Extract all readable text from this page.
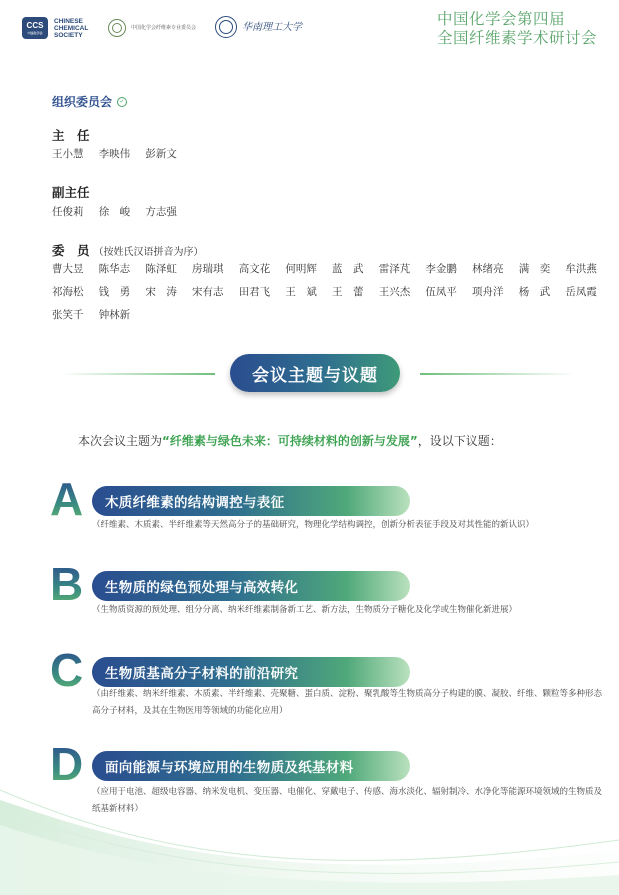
CCS
中国化学会
CHINESE
CHEMICAL
SOCIETY
中国化学会纤维素专业委员会	华南理工大学	中国化学会第四届
全国纤维素学术研讨会
组织委员会	✓
主　任
王小慧	李映伟	彭新文
副主任
任俊莉	徐　峻	方志强
委　员 （按姓氏汉语拼音为序）
曹大昱	陈华志	陈泽虹	房瑞琪	高文花	何明辉	蓝　武	雷泽芃	李金鹏	林绪亮	满　奕	牟洪燕
祁海松	钱　勇	宋　涛	宋有志	田君飞	王　斌	王　蕾	王兴杰	伍凤平	项舟洋	杨　武	岳凤霞
张笑千	钟林新
会议主题与议题
本次会议主题为“纤维素与绿色未来：可持续材料的创新与发展”，设以下议题：
A	木质纤维素的结构调控与表征
（纤维素、木质素、半纤维素等天然高分子的基础研究，物理化学结构调控，创新分析表征手段及对其性能的新认识）
B	生物质的绿色预处理与高效转化
（生物质资源的预处理、组分分离、纳米纤维素制备新工艺、新方法，生物质分子糖化及化学或生物催化新进展）
C	生物质基高分子材料的前沿研究
（由纤维素、纳米纤维素、木质素、半纤维素、壳聚糖、蛋白质、淀粉、聚乳酸等生物质高分子构建的膜、凝胶、纤维、颗粒等多种形态高分子材料，及其在生物医用等领域的功能化应用）
D	面向能源与环境应用的生物质及纸基材料
（应用于电池、超级电容器、纳米发电机、变压器、电催化、穿戴电子、传感、海水淡化、辐射制冷、水净化等能源环境领域的生物质及纸基新材料）
